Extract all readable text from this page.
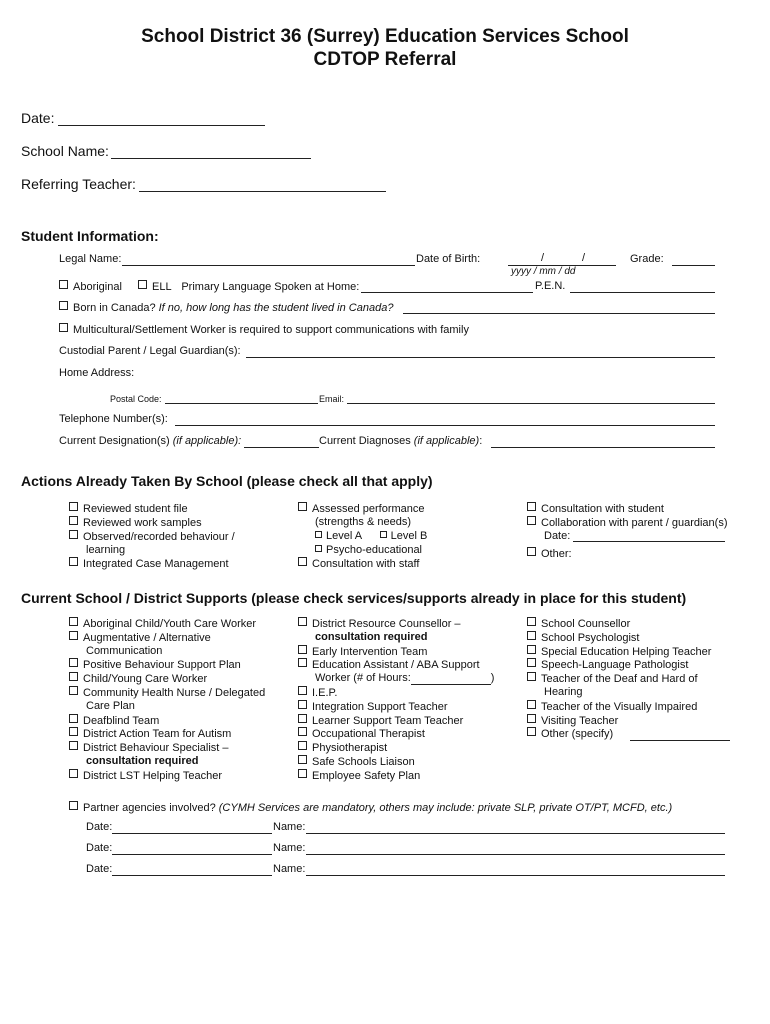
School District 36 (Surrey) Education Services School
CDTOP Referral
Date:
School Name:
Referring Teacher:
Student Information:
Legal Name:	Date of Birth:	/	/
yyyy / mm / dd
Grade:
Aboriginal	ELL Primary Language Spoken at Home:	P.E.N.
Born in Canada? If no, how long has the student lived in Canada?
Multicultural/Settlement Worker is required to support communications with family
Custodial Parent / Legal Guardian(s):
Home Address:
Postal Code:	Email:
Telephone Number(s):
Current Designation(s) (if applicable):	Current Diagnoses (if applicable):
Actions Already Taken By School (please check all that apply)
Reviewed student file
Reviewed work samples
Observed/recorded behaviour /
learning
Integrated Case Management
Assessed performance
(strengths & needs)
Level A	Level B
Psycho-educational
Consultation with staff
Consultation with student
Collaboration with parent / guardian(s)
Date:
Other:
Current School / District Supports (please check services/supports already in place for this student)
Aboriginal Child/Youth Care Worker
Augmentative / Alternative
Communication
Positive Behaviour Support Plan
Child/Young Care Worker
Community Health Nurse / Delegated
Care Plan
Deafblind Team
District Action Team for Autism
District Behaviour Specialist –
consultation required
District LST Helping Teacher
District Resource Counsellor –
consultation required
Early Intervention Team
Education Assistant / ABA Support
Worker (# of Hours:	)
I.E.P.
Integration Support Teacher
Learner Support Team Teacher
Occupational Therapist
Physiotherapist
Safe Schools Liaison
Employee Safety Plan
School Counsellor
School Psychologist
Special Education Helping Teacher
Speech-Language Pathologist
Teacher of the Deaf and Hard of
Hearing
Teacher of the Visually Impaired
Visiting Teacher
Other (specify)
Partner agencies involved? (CYMH Services are mandatory, others may include: private SLP, private OT/PT, MCFD, etc.)
Date:	Name:
Date:	Name:
Date:	Name:
